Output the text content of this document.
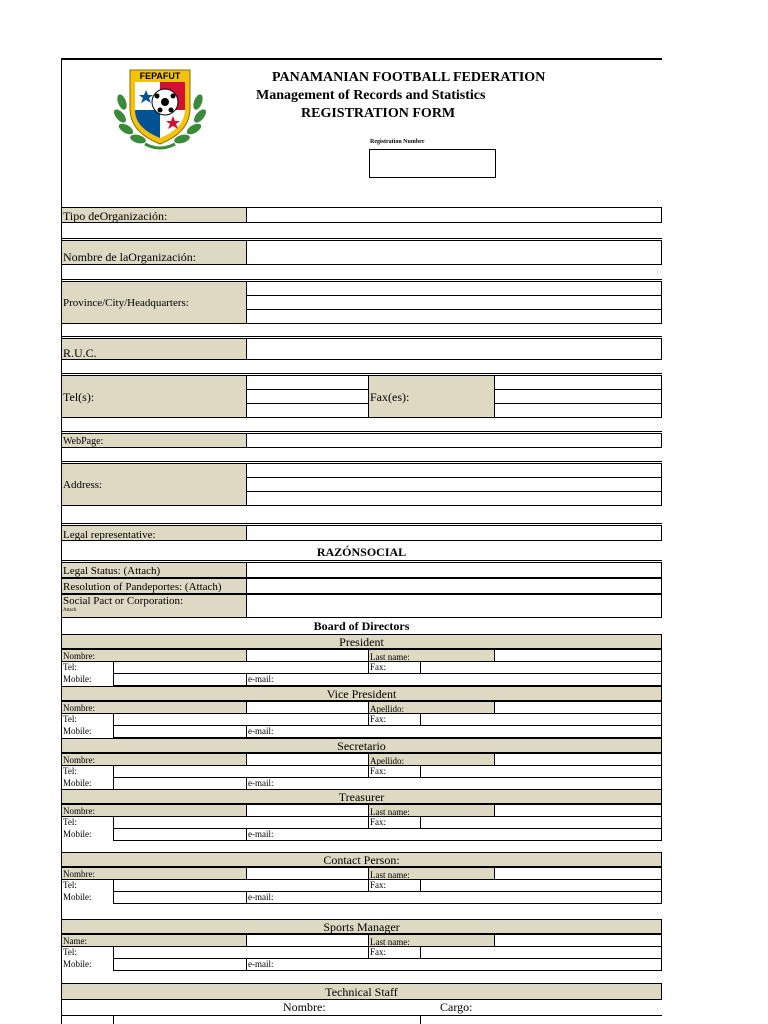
FEPAFUT	PANAMANIAN FOOTBALL FEDERATION
Management of Records and Statistics
REGISTRATION FORM
Registration Number
Tipo deOrganización:
Nombre de laOrganización:
Province/City/Headquarters:
R.U.C.
Tel(s):	Fax(es):
WebPage:
Address:
Legal representative:
RAZÓNSOCIAL
Legal Status: (Attach)
Resolution of Pandeportes: (Attach)
Social Pact or Corporation:
Attach
Board of Directors
President
Nombre:	Last name:
Tel:	Fax:
Mobile:	e-mail:
Vice President
Nombre:	Apellido:
Tel:	Fax:
Mobile:	e-mail:
Secretario
Nombre:	Apellido:
Tel:	Fax:
Mobile:	e-mail:
Treasurer
Nombre:	Last name:
Tel:	Fax:
Mobile:	e-mail:
Contact Person:
Nombre:	Last name:
Tel:	Fax:
Mobile:	e-mail:
Sports Manager
Name:	Last name:
Tel:	Fax:
Mobile:	e-mail:
Technical Staff
Nombre:	Cargo:
